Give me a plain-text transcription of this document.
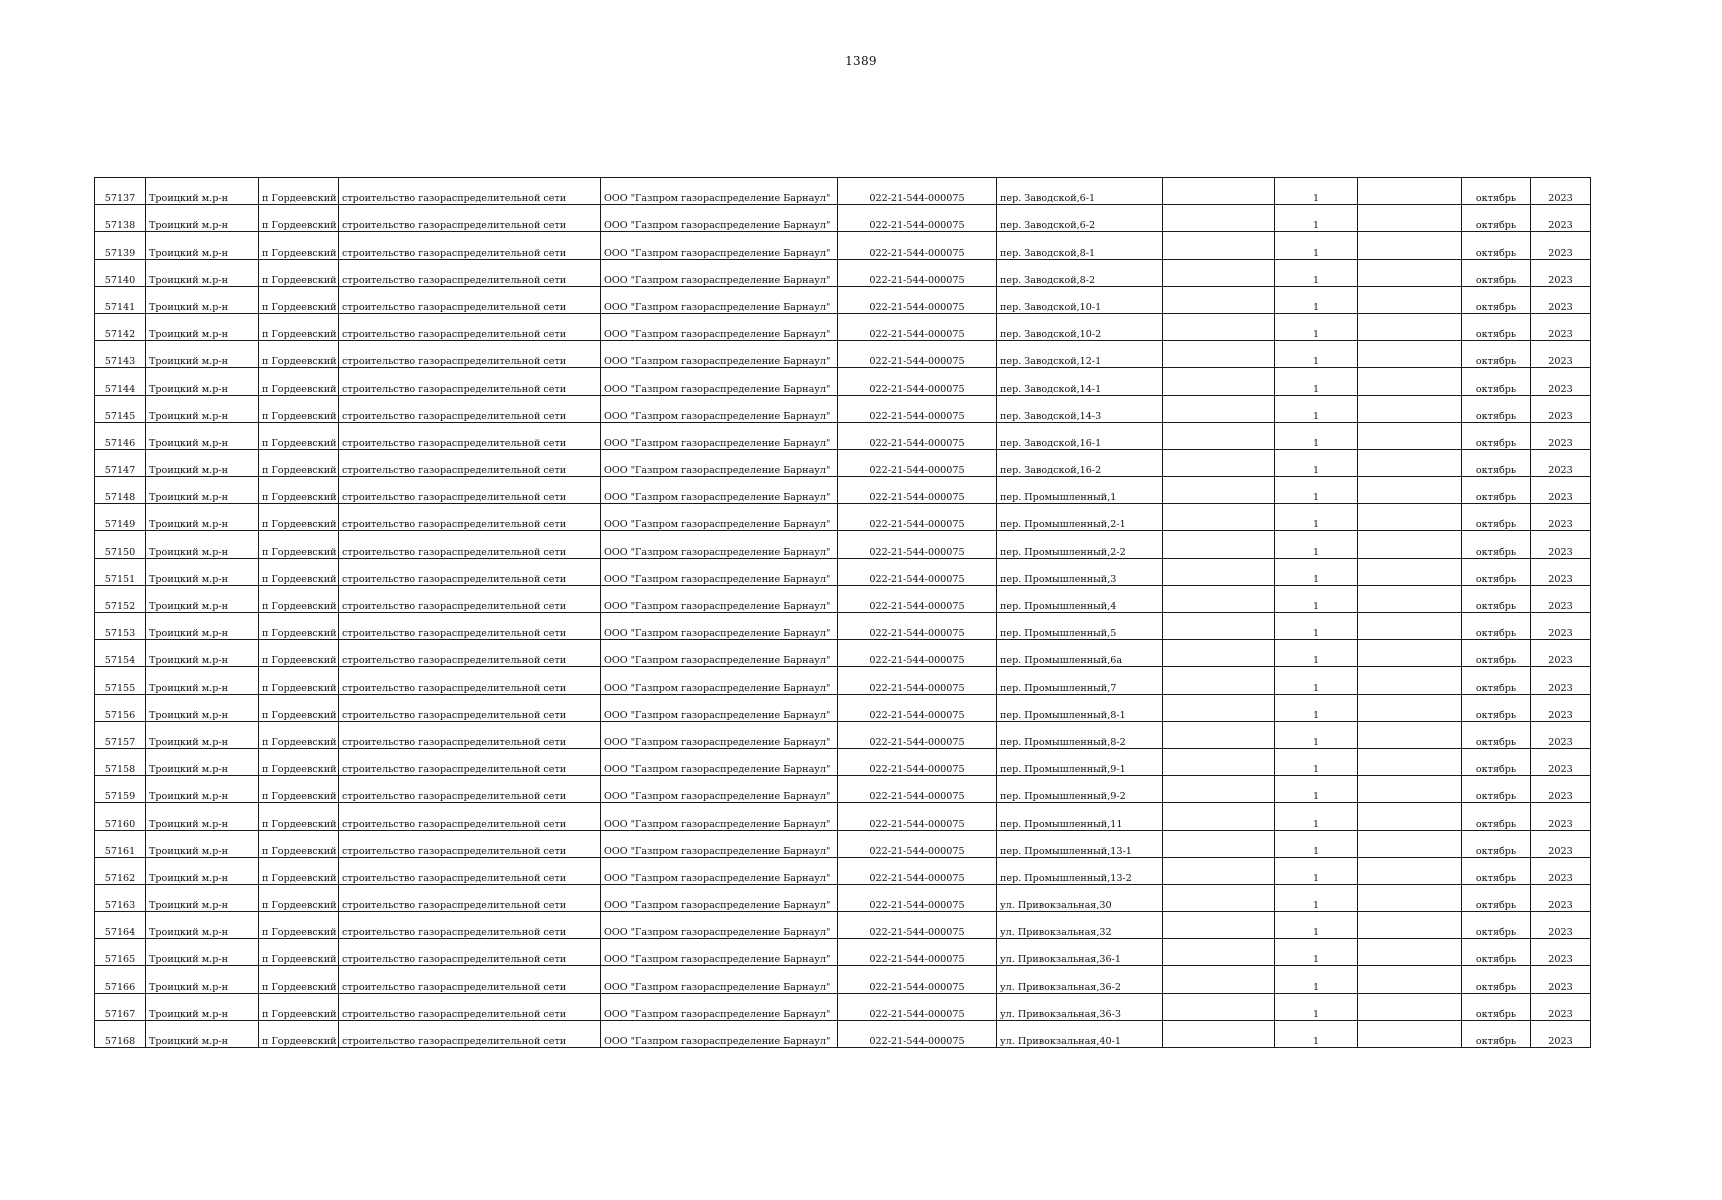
1389
57137	Троицкий м.р-н	п Гордеевский	строительство газораспределительной сети	ООО "Газпром газораспределение Барнаул"	022-21-544-000075	пер. Заводской,6-1		1		октябрь	2023
57138	Троицкий м.р-н	п Гордеевский	строительство газораспределительной сети	ООО "Газпром газораспределение Барнаул"	022-21-544-000075	пер. Заводской,6-2		1		октябрь	2023
57139	Троицкий м.р-н	п Гордеевский	строительство газораспределительной сети	ООО "Газпром газораспределение Барнаул"	022-21-544-000075	пер. Заводской,8-1		1		октябрь	2023
57140	Троицкий м.р-н	п Гордеевский	строительство газораспределительной сети	ООО "Газпром газораспределение Барнаул"	022-21-544-000075	пер. Заводской,8-2		1		октябрь	2023
57141	Троицкий м.р-н	п Гордеевский	строительство газораспределительной сети	ООО "Газпром газораспределение Барнаул"	022-21-544-000075	пер. Заводской,10-1		1		октябрь	2023
57142	Троицкий м.р-н	п Гордеевский	строительство газораспределительной сети	ООО "Газпром газораспределение Барнаул"	022-21-544-000075	пер. Заводской,10-2		1		октябрь	2023
57143	Троицкий м.р-н	п Гордеевский	строительство газораспределительной сети	ООО "Газпром газораспределение Барнаул"	022-21-544-000075	пер. Заводской,12-1		1		октябрь	2023
57144	Троицкий м.р-н	п Гордеевский	строительство газораспределительной сети	ООО "Газпром газораспределение Барнаул"	022-21-544-000075	пер. Заводской,14-1		1		октябрь	2023
57145	Троицкий м.р-н	п Гордеевский	строительство газораспределительной сети	ООО "Газпром газораспределение Барнаул"	022-21-544-000075	пер. Заводской,14-3		1		октябрь	2023
57146	Троицкий м.р-н	п Гордеевский	строительство газораспределительной сети	ООО "Газпром газораспределение Барнаул"	022-21-544-000075	пер. Заводской,16-1		1		октябрь	2023
57147	Троицкий м.р-н	п Гордеевский	строительство газораспределительной сети	ООО "Газпром газораспределение Барнаул"	022-21-544-000075	пер. Заводской,16-2		1		октябрь	2023
57148	Троицкий м.р-н	п Гордеевский	строительство газораспределительной сети	ООО "Газпром газораспределение Барнаул"	022-21-544-000075	пер. Промышленный,1		1		октябрь	2023
57149	Троицкий м.р-н	п Гордеевский	строительство газораспределительной сети	ООО "Газпром газораспределение Барнаул"	022-21-544-000075	пер. Промышленный,2-1		1		октябрь	2023
57150	Троицкий м.р-н	п Гордеевский	строительство газораспределительной сети	ООО "Газпром газораспределение Барнаул"	022-21-544-000075	пер. Промышленный,2-2		1		октябрь	2023
57151	Троицкий м.р-н	п Гордеевский	строительство газораспределительной сети	ООО "Газпром газораспределение Барнаул"	022-21-544-000075	пер. Промышленный,3		1		октябрь	2023
57152	Троицкий м.р-н	п Гордеевский	строительство газораспределительной сети	ООО "Газпром газораспределение Барнаул"	022-21-544-000075	пер. Промышленный,4		1		октябрь	2023
57153	Троицкий м.р-н	п Гордеевский	строительство газораспределительной сети	ООО "Газпром газораспределение Барнаул"	022-21-544-000075	пер. Промышленный,5		1		октябрь	2023
57154	Троицкий м.р-н	п Гордеевский	строительство газораспределительной сети	ООО "Газпром газораспределение Барнаул"	022-21-544-000075	пер. Промышленный,6а		1		октябрь	2023
57155	Троицкий м.р-н	п Гордеевский	строительство газораспределительной сети	ООО "Газпром газораспределение Барнаул"	022-21-544-000075	пер. Промышленный,7		1		октябрь	2023
57156	Троицкий м.р-н	п Гордеевский	строительство газораспределительной сети	ООО "Газпром газораспределение Барнаул"	022-21-544-000075	пер. Промышленный,8-1		1		октябрь	2023
57157	Троицкий м.р-н	п Гордеевский	строительство газораспределительной сети	ООО "Газпром газораспределение Барнаул"	022-21-544-000075	пер. Промышленный,8-2		1		октябрь	2023
57158	Троицкий м.р-н	п Гордеевский	строительство газораспределительной сети	ООО "Газпром газораспределение Барнаул"	022-21-544-000075	пер. Промышленный,9-1		1		октябрь	2023
57159	Троицкий м.р-н	п Гордеевский	строительство газораспределительной сети	ООО "Газпром газораспределение Барнаул"	022-21-544-000075	пер. Промышленный,9-2		1		октябрь	2023
57160	Троицкий м.р-н	п Гордеевский	строительство газораспределительной сети	ООО "Газпром газораспределение Барнаул"	022-21-544-000075	пер. Промышленный,11		1		октябрь	2023
57161	Троицкий м.р-н	п Гордеевский	строительство газораспределительной сети	ООО "Газпром газораспределение Барнаул"	022-21-544-000075	пер. Промышленный,13-1		1		октябрь	2023
57162	Троицкий м.р-н	п Гордеевский	строительство газораспределительной сети	ООО "Газпром газораспределение Барнаул"	022-21-544-000075	пер. Промышленный,13-2		1		октябрь	2023
57163	Троицкий м.р-н	п Гордеевский	строительство газораспределительной сети	ООО "Газпром газораспределение Барнаул"	022-21-544-000075	ул. Привокзальная,30		1		октябрь	2023
57164	Троицкий м.р-н	п Гордеевский	строительство газораспределительной сети	ООО "Газпром газораспределение Барнаул"	022-21-544-000075	ул. Привокзальная,32		1		октябрь	2023
57165	Троицкий м.р-н	п Гордеевский	строительство газораспределительной сети	ООО "Газпром газораспределение Барнаул"	022-21-544-000075	ул. Привокзальная,36-1		1		октябрь	2023
57166	Троицкий м.р-н	п Гордеевский	строительство газораспределительной сети	ООО "Газпром газораспределение Барнаул"	022-21-544-000075	ул. Привокзальная,36-2		1		октябрь	2023
57167	Троицкий м.р-н	п Гордеевский	строительство газораспределительной сети	ООО "Газпром газораспределение Барнаул"	022-21-544-000075	ул. Привокзальная,36-3		1		октябрь	2023
57168	Троицкий м.р-н	п Гордеевский	строительство газораспределительной сети	ООО "Газпром газораспределение Барнаул"	022-21-544-000075	ул. Привокзальная,40-1		1		октябрь	2023
